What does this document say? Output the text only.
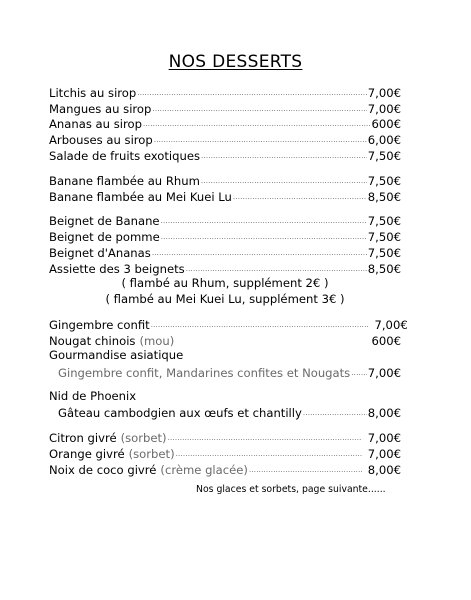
NOS DESSERTS
Litchis au sirop .....	7,00€
Mangues au sirop .....	7,00€
Ananas au sirop .....	600€
Arbouses au sirop .....	6,00€
Salade de fruits exotiques .....	7,50€
Banane flambée au Rhum .....	7,50€
Banane flambée au Mei Kuei Lu .....	8,50€
Beignet de Banane .....	7,50€
Beignet de pomme .....	7,50€
Beignet d'Ananas .....	7,50€
Assiette des 3 beignets .....	8,50€
( flambé au Rhum, supplément 2€ )
( flambé au Mei Kuei Lu, supplément 3€ )
Gingembre confit .....	7,00€
Nougat chinois (mou)	600€
Gourmandise asiatique
Gingembre confit, Mandarines confites et Nougats ..... 7,00€
Nid de Phoenix
Gâteau cambodgien aux œufs et chantilly .....	8,00€
Citron givré (sorbet) .....	7,00€
Orange givré (sorbet) .....	7,00€
Noix de coco givré (crème glacée) .....	8,00€
Nos glaces et sorbets, page suivante......
